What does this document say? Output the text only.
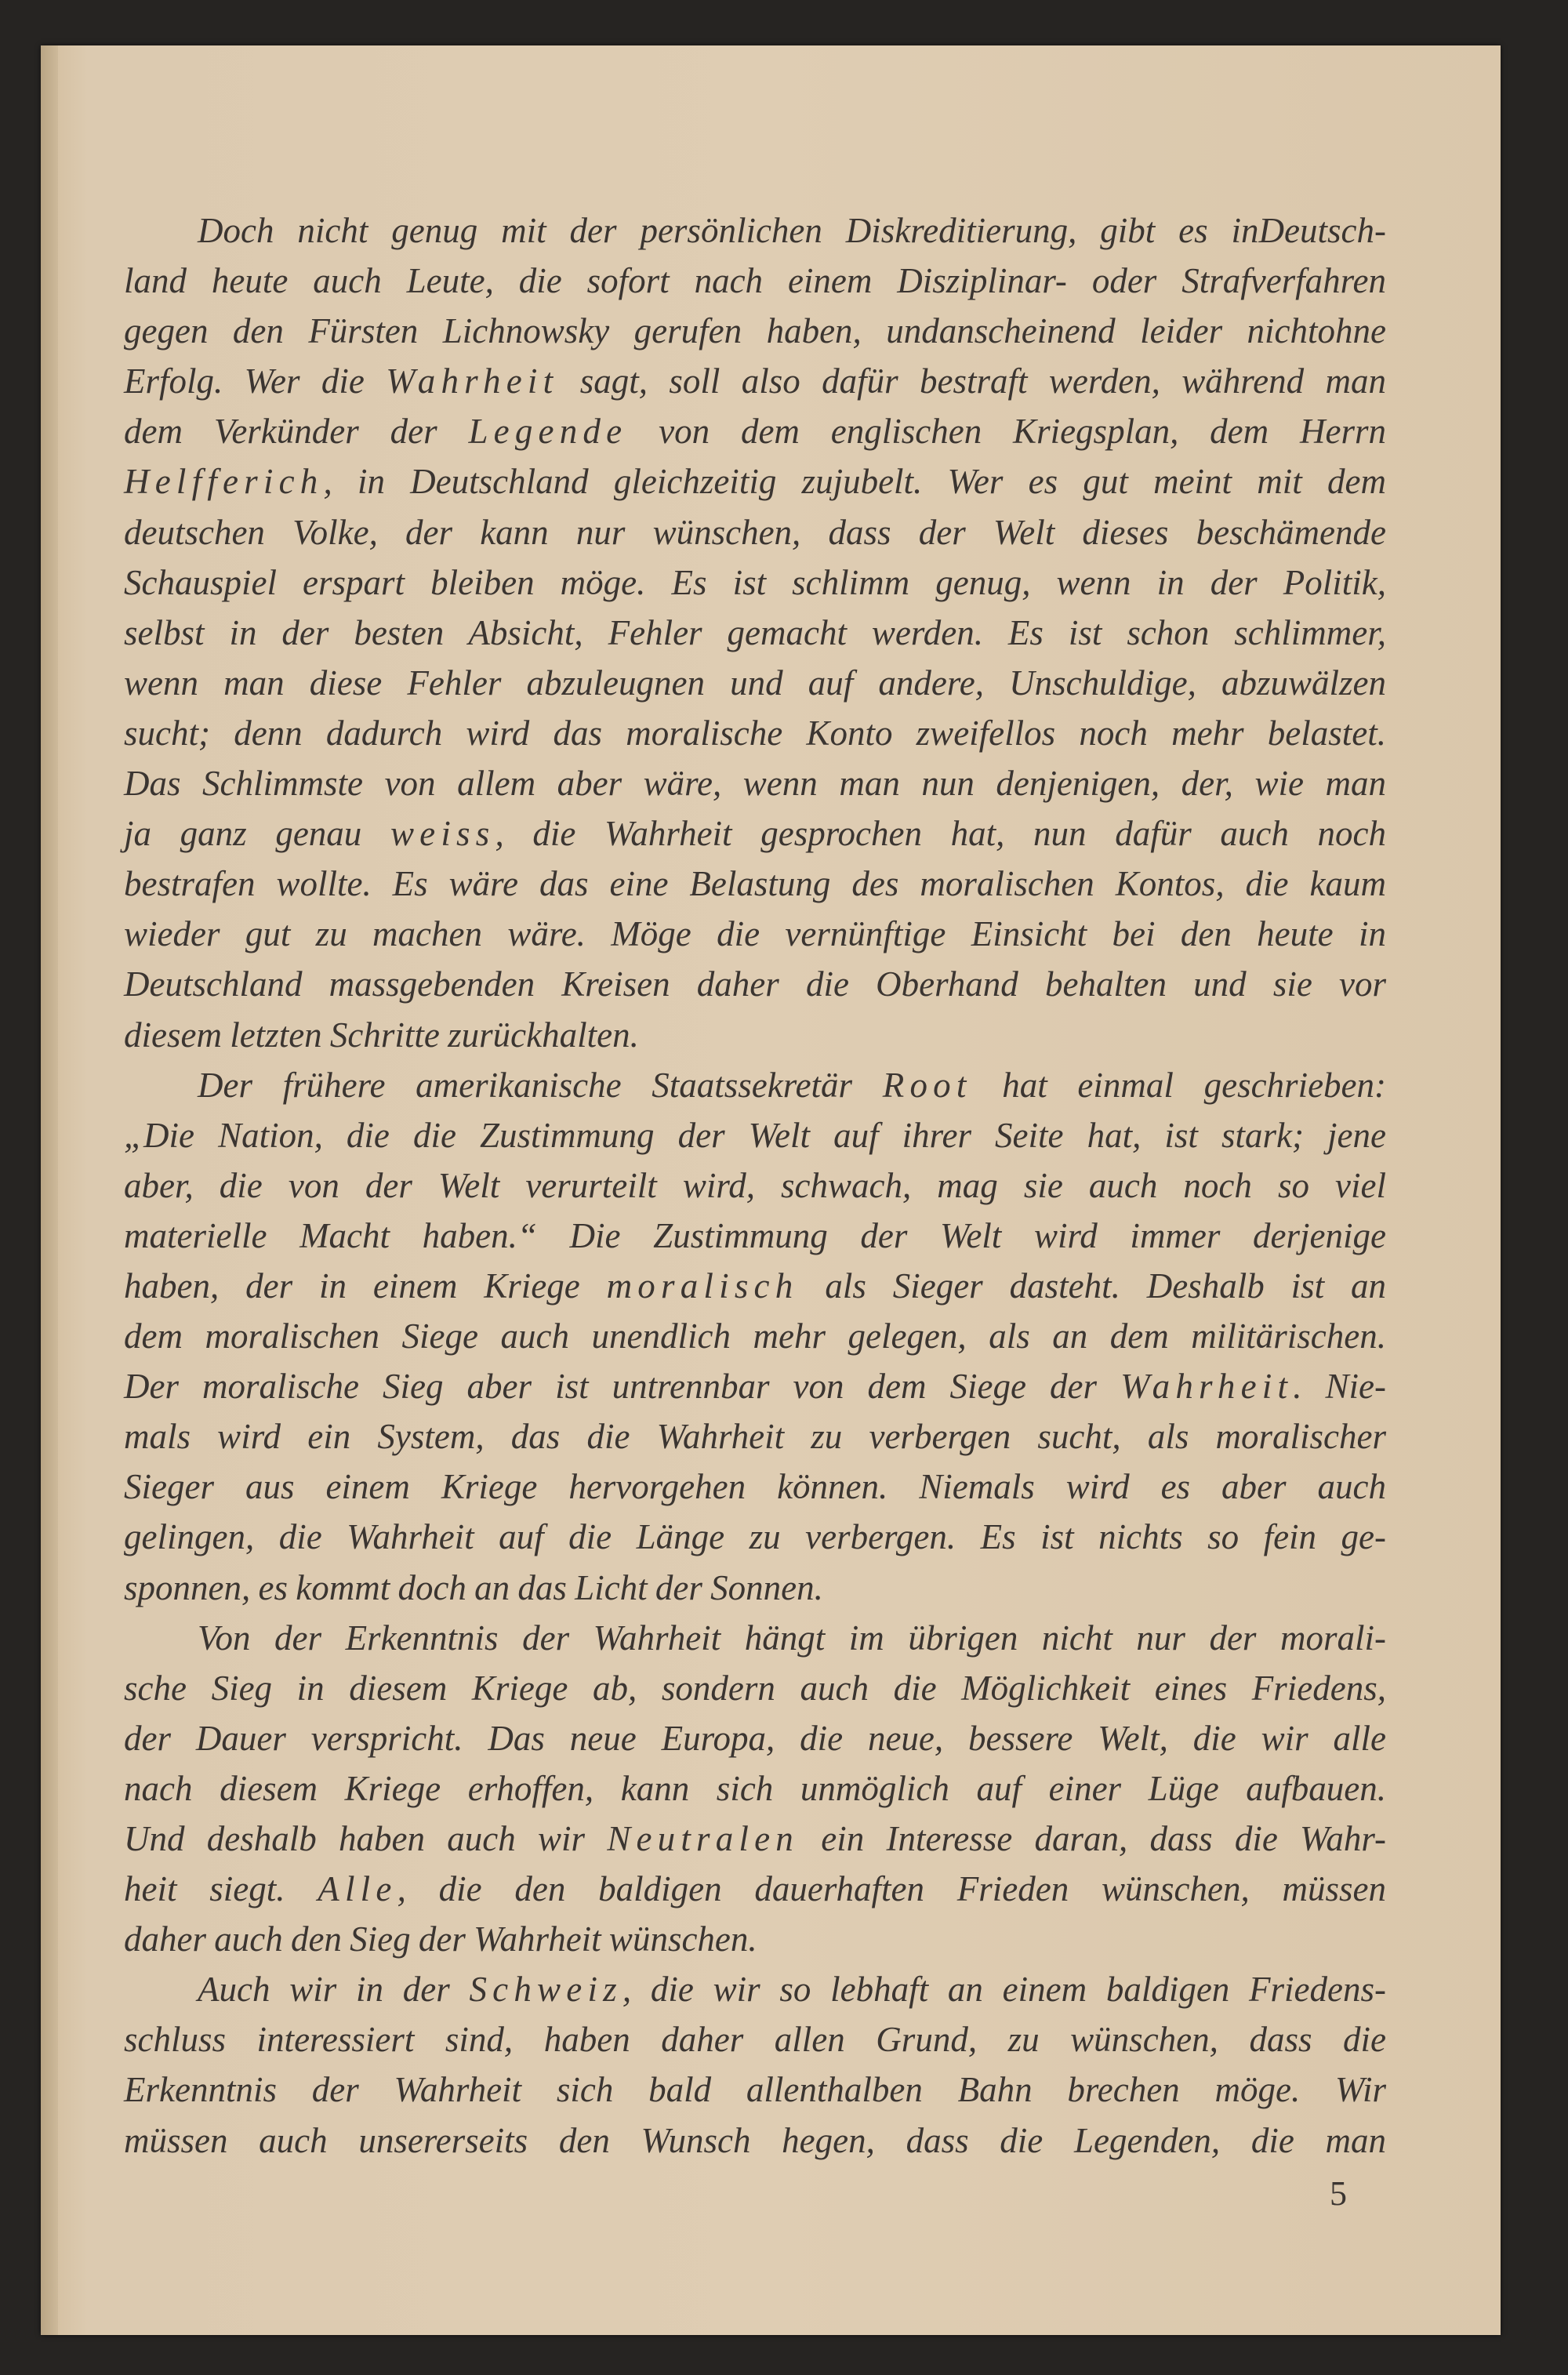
Doch nicht genug mit der persönlichen Diskreditierung, gibt es inDeutsch-
land heute auch Leute, die sofort nach einem Disziplinar- oder Strafverfahren
gegen den Fürsten Lichnowsky gerufen haben, undanscheinend leider nichtohne
Erfolg. Wer die Wahrheit sagt, soll also dafür bestraft werden, während man
dem Verkünder der Legende von dem englischen Kriegsplan, dem Herrn
Helfferich, in Deutschland gleichzeitig zujubelt. Wer es gut meint mit dem
deutschen Volke, der kann nur wünschen, dass der Welt dieses beschämende
Schauspiel erspart bleiben möge. Es ist schlimm genug, wenn in der Politik,
selbst in der besten Absicht, Fehler gemacht werden. Es ist schon schlimmer,
wenn man diese Fehler abzuleugnen und auf andere, Unschuldige, abzuwälzen
sucht; denn dadurch wird das moralische Konto zweifellos noch mehr belastet.
Das Schlimmste von allem aber wäre, wenn man nun denjenigen, der, wie man
ja ganz genau weiss, die Wahrheit gesprochen hat, nun dafür auch noch
bestrafen wollte. Es wäre das eine Belastung des moralischen Kontos, die kaum
wieder gut zu machen wäre. Möge die vernünftige Einsicht bei den heute in
Deutschland massgebenden Kreisen daher die Oberhand behalten und sie vor
diesem letzten Schritte zurückhalten.
Der frühere amerikanische Staatssekretär Root hat einmal geschrieben:
„Die Nation, die die Zustimmung der Welt auf ihrer Seite hat, ist stark; jene
aber, die von der Welt verurteilt wird, schwach, mag sie auch noch so viel
materielle Macht haben.“ Die Zustimmung der Welt wird immer derjenige
haben, der in einem Kriege moralisch als Sieger dasteht. Deshalb ist an
dem moralischen Siege auch unendlich mehr gelegen, als an dem militärischen.
Der moralische Sieg aber ist untrennbar von dem Siege der Wahrheit. Nie-
mals wird ein System, das die Wahrheit zu verbergen sucht, als moralischer
Sieger aus einem Kriege hervorgehen können. Niemals wird es aber auch
gelingen, die Wahrheit auf die Länge zu verbergen. Es ist nichts so fein ge-
sponnen, es kommt doch an das Licht der Sonnen.
Von der Erkenntnis der Wahrheit hängt im übrigen nicht nur der morali-
sche Sieg in diesem Kriege ab, sondern auch die Möglichkeit eines Friedens,
der Dauer verspricht. Das neue Europa, die neue, bessere Welt, die wir alle
nach diesem Kriege erhoffen, kann sich unmöglich auf einer Lüge aufbauen.
Und deshalb haben auch wir Neutralen ein Interesse daran, dass die Wahr-
heit siegt. Alle, die den baldigen dauerhaften Frieden wünschen, müssen
daher auch den Sieg der Wahrheit wünschen.
Auch wir in der Schweiz, die wir so lebhaft an einem baldigen Friedens-
schluss interessiert sind, haben daher allen Grund, zu wünschen, dass die
Erkenntnis der Wahrheit sich bald allenthalben Bahn brechen möge. Wir
müssen auch unsererseits den Wunsch hegen, dass die Legenden, die man
5
